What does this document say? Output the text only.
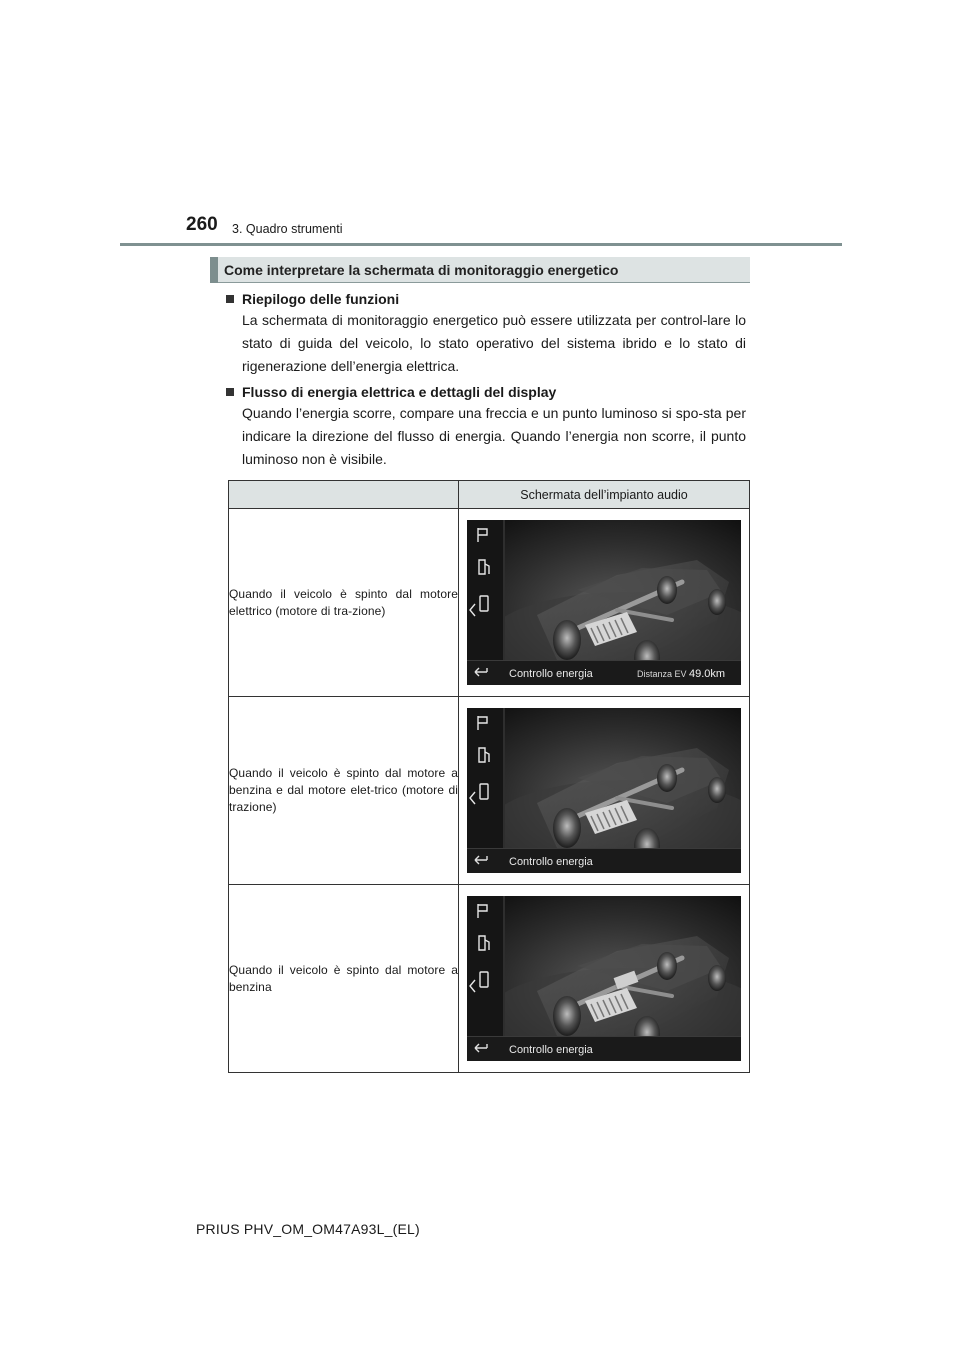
260 3. Quadro strumenti
Come interpretare la schermata di monitoraggio energetico
Riepilogo delle funzioni

La schermata di monitoraggio energetico può essere utilizzata per control-lare lo stato di guida del veicolo, lo stato operativo del sistema ibrido e lo stato di rigenerazione dell’energia elettrica.

Flusso di energia elettrica e dettagli del display

Quando l’energia scorre, compare una freccia e un punto luminoso si spo-sta per indicare la direzione del flusso di energia. Quando l’energia non scorre, il punto luminoso non è visibile.

	Schermata dell’impianto audio
Quando il veicolo è spinto dal motore elettrico (motore di tra-zione)	Controllo energia Distanza EV 49.0km

Quando il veicolo è spinto dal motore a benzina e dal motore elet-trico (motore di trazione)	Controllo energia

Quando il veicolo è spinto dal motore a benzina	Controllo energia
PRIUS PHV_OM_OM47A93L_(EL)
